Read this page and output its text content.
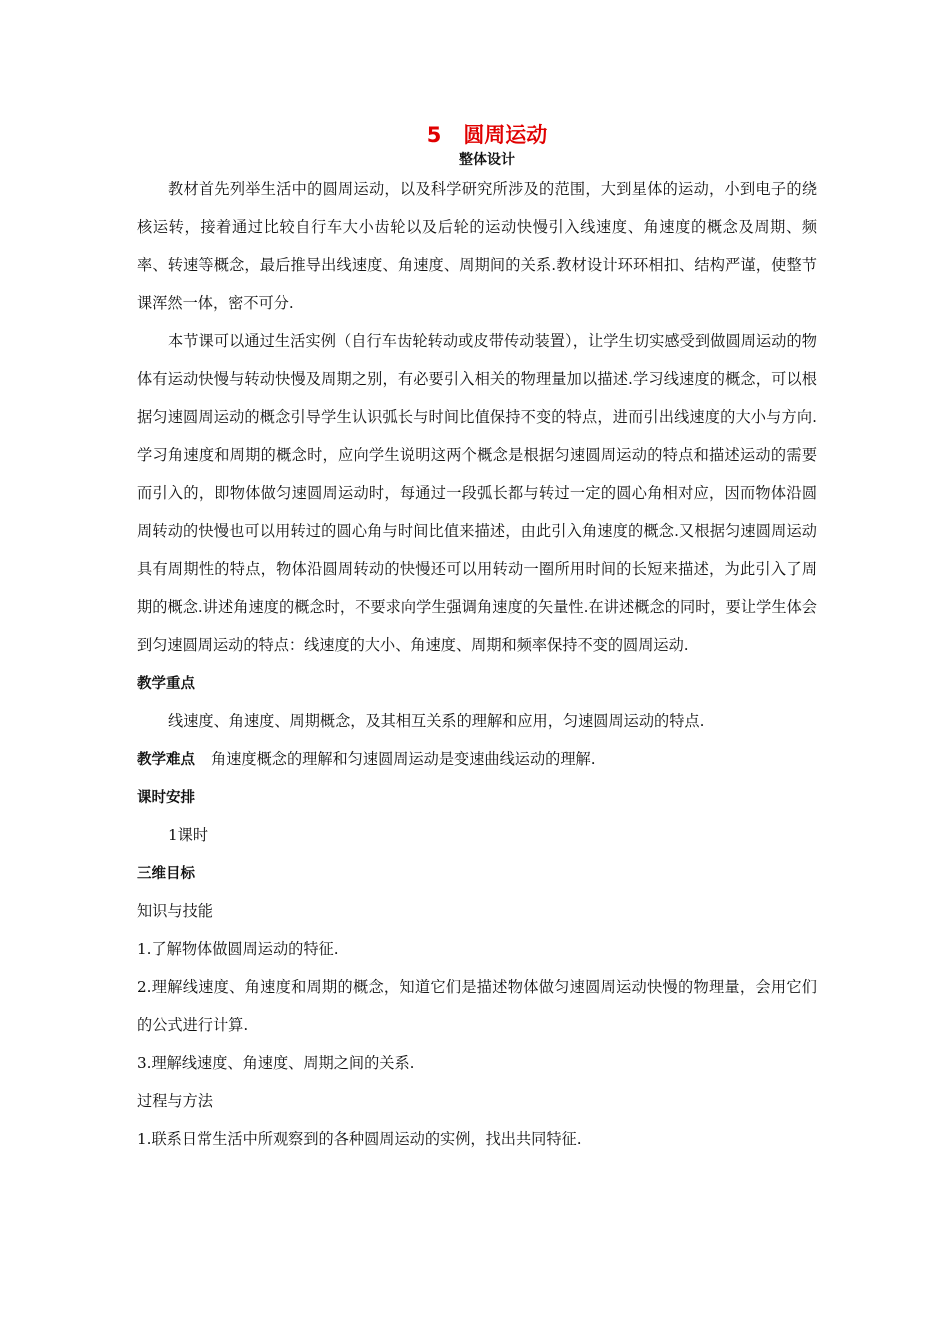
5 圆周运动
整体设计

教材首先列举生活中的圆周运动，以及科学研究所涉及的范围，大到星体的运动，小到电子的绕核运转，接着通过比较自行车大小齿轮以及后轮的运动快慢引入线速度、角速度的概念及周期、频率、转速等概念，最后推导出线速度、角速度、周期间的关系.教材设计环环相扣、结构严谨，使整节课浑然一体，密不可分.

本节课可以通过生活实例（自行车齿轮转动或皮带传动装置），让学生切实感受到做圆周运动的物体有运动快慢与转动快慢及周期之别，有必要引入相关的物理量加以描述.学习线速度的概念，可以根据匀速圆周运动的概念引导学生认识弧长与时间比值保持不变的特点，进而引出线速度的大小与方向.学习角速度和周期的概念时，应向学生说明这两个概念是根据匀速圆周运动的特点和描述运动的需要而引入的，即物体做匀速圆周运动时，每通过一段弧长都与转过一定的圆心角相对应，因而物体沿圆周转动的快慢也可以用转过的圆心角与时间比值来描述，由此引入角速度的概念.又根据匀速圆周运动具有周期性的特点，物体沿圆周转动的快慢还可以用转动一圈所用时间的长短来描述，为此引入了周期的概念.讲述角速度的概念时，不要求向学生强调角速度的矢量性.在讲述概念的同时，要让学生体会到匀速圆周运动的特点：线速度的大小、角速度、周期和频率保持不变的圆周运动.

教学重点
线速度、角速度、周期概念，及其相互关系的理解和应用，匀速圆周运动的特点.
教学难点 角速度概念的理解和匀速圆周运动是变速曲线运动的理解.
课时安排
1课时
三维目标
知识与技能
1.了解物体做圆周运动的特征.

2.理解线速度、角速度和周期的概念，知道它们是描述物体做匀速圆周运动快慢的物理量，会用它们的公式进行计算.

3.理解线速度、角速度、周期之间的关系.
过程与方法
1.联系日常生活中所观察到的各种圆周运动的实例，找出共同特征.
